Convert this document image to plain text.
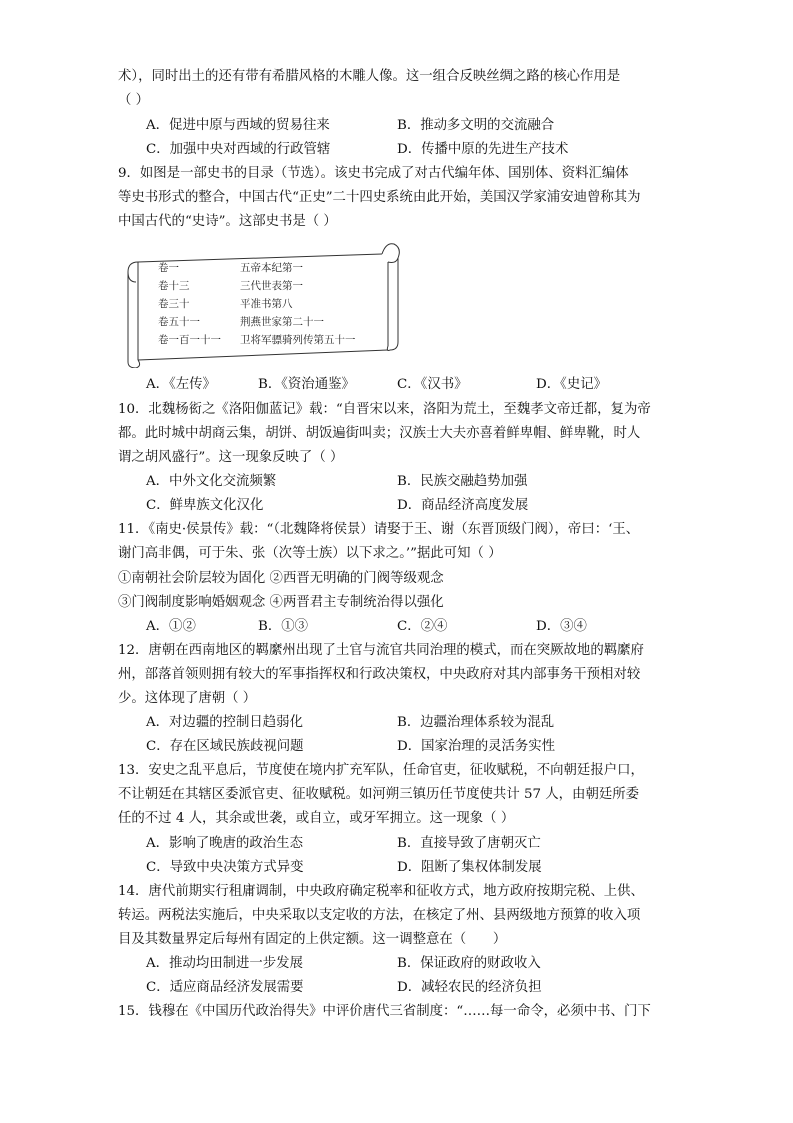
术），同时出土的还有带有希腊风格的木雕人像。这一组合反映丝绸之路的核心作用是
（ ）
A．促进中原与西域的贸易往来	B．推动多文明的交流融合
C．加强中央对西域的行政管辖	D．传播中原的先进生产技术
9．如图是一部史书的目录（节选）。该史书完成了对古代编年体、国别体、资料汇编体
等史书形式的整合，中国古代“正史”二十四史系统由此开始，美国汉学家浦安迪曾称其为
中国古代的“史诗”。这部史书是（ ）
卷一	五帝本纪第一
卷十三	三代世表第一
卷三十	平准书第八
卷五十一	荆燕世家第二十一
卷一百一十一 卫将军骠骑列传第五十一
A．《左传》	B．《资治通鉴》	C．《汉书》	D．《史记》
10．北魏杨衒之《洛阳伽蓝记》载：“自晋宋以来，洛阳为荒土，至魏孝文帝迁都，复为帝
都。此时城中胡商云集，胡饼、胡饭遍街叫卖；汉族士大夫亦喜着鲜卑帽、鲜卑靴，时人
谓之胡风盛行”。这一现象反映了（ ）
A．中外文化交流频繁	B．民族交融趋势加强
C．鲜卑族文化汉化	D．商品经济高度发展
11．《南史·侯景传》载：“（北魏降将侯景）请娶于王、谢（东晋顶级门阀），帝曰：‘王、
谢门高非偶，可于朱、张（次等士族）以下求之。’”据此可知（ ）
①南朝社会阶层较为固化 ②西晋无明确的门阀等级观念
③门阀制度影响婚姻观念 ④两晋君主专制统治得以强化
A．①②	B．①③	C．②④	D．③④
12．唐朝在西南地区的羁縻州出现了土官与流官共同治理的模式，而在突厥故地的羁縻府
州，部落首领则拥有较大的军事指挥权和行政决策权，中央政府对其内部事务干预相对较
少。这体现了唐朝（ ）
A．对边疆的控制日趋弱化	B．边疆治理体系较为混乱
C．存在区域民族歧视问题	D．国家治理的灵活务实性
13．安史之乱平息后，节度使在境内扩充军队，任命官吏，征收赋税，不向朝廷报户口，
不让朝廷在其辖区委派官吏、征收赋税。如河朔三镇历任节度使共计 57 人，由朝廷所委
任的不过 4 人，其余或世袭，或自立，或牙军拥立。这一现象（ ）
A．影响了晚唐的政治生态	B．直接导致了唐朝灭亡
C．导致中央决策方式异变	D．阻断了集权体制发展
14．唐代前期实行租庸调制，中央政府确定税率和征收方式，地方政府按期完税、上供、
转运。两税法实施后，中央采取以支定收的方法，在核定了州、县两级地方预算的收入项
目及其数量界定后每州有固定的上供定额。这一调整意在（　　）
A．推动均田制进一步发展	B．保证政府的财政收入
C．适应商品经济发展需要	D．减轻农民的经济负担
15．钱穆在《中国历代政治得失》中评价唐代三省制度：“……每一命令，必须中书、门下
